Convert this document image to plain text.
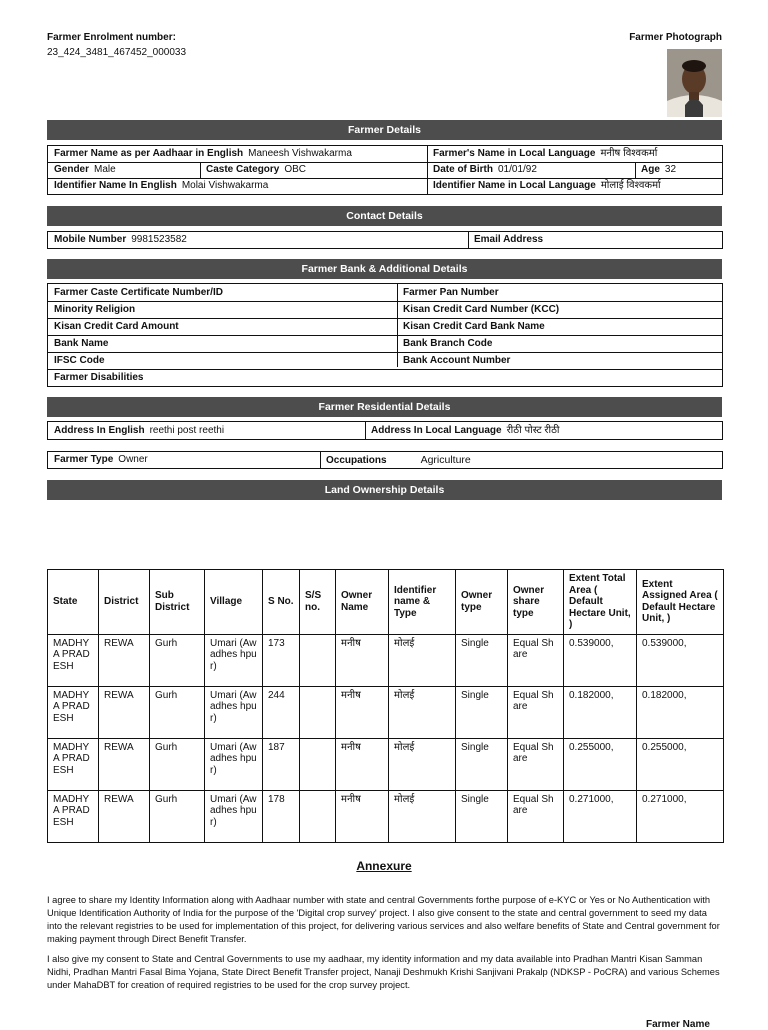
Farmer Enrolment number:
23_424_3481_467452_000033
Farmer Photograph
Farmer Details
Farmer Name as per Aadhaar in English Maneesh Vishwakarma	Farmer's Name in Local Language मनीष विश्वकर्मा
Gender Male	Caste Category OBC	Date of Birth 01/01/92	Age 32
Identifier Name In English Molai Vishwakarma	Identifier Name in Local Language मोलाई विश्वकर्मा
Contact Details
Mobile Number 9981523582	Email Address
Farmer Bank & Additional Details
Farmer Caste Certificate Number/ID	Farmer Pan Number
Minority Religion	Kisan Credit Card Number (KCC)
Kisan Credit Card Amount	Kisan Credit Card Bank Name
Bank Name	Bank Branch Code
IFSC Code	Bank Account Number
Farmer Disabilities
Farmer Residential Details
Address In English reethi post reethi	Address In Local Language रीठी पोस्ट रीठी
Farmer Type Owner	Occupations	Agriculture
Land Ownership Details
State	District	Sub District	Village	S No.	S/S no.	Owner Name	Identifier name & Type	Owner type	Owner share type	Extent Total Area ( Default Hectare Unit, )	Extent Assigned Area ( Default Hectare Unit, )
MADHYA PRADESH	REWA	Gurh	Umari (Awadhes hpur)	173		मनीष	मोलई	Single	Equal Share	0.539000,	0.539000,
MADHYA PRADESH	REWA	Gurh	Umari (Awadhes hpur)	244		मनीष	मोलई	Single	Equal Share	0.182000,	0.182000,
MADHYA PRADESH	REWA	Gurh	Umari (Awadhes hpur)	187		मनीष	मोलई	Single	Equal Share	0.255000,	0.255000,
MADHYA PRADESH	REWA	Gurh	Umari (Awadhes hpur)	178		मनीष	मोलई	Single	Equal Share	0.271000,	0.271000,
Annexure
I agree to share my Identity Information along with Aadhaar number with state and central Governments forthe purpose of e-KYC or Yes or No Authentication with Unique Identification Authority of India for the purpose of the 'Digital crop survey' project. I also give consent to the state and central government to seed my data into the relevant registries to be used for implementation of this project, for delivering various services and also welfare benefits of State and Central government for making payment through Direct Benefit Transfer.
I also give my consent to State and Central Governments to use my aadhaar, my identity information and my data available into Pradhan Mantri Kisan Samman Nidhi, Pradhan Mantri Fasal Bima Yojana, State Direct Benefit Transfer project, Nanaji Deshmukh Krishi Sanjivani Prakalp (NDKSP - PoCRA) and various Schemes under MahaDBT for creation of required registries to be used for the crop survey project.
Farmer Name
